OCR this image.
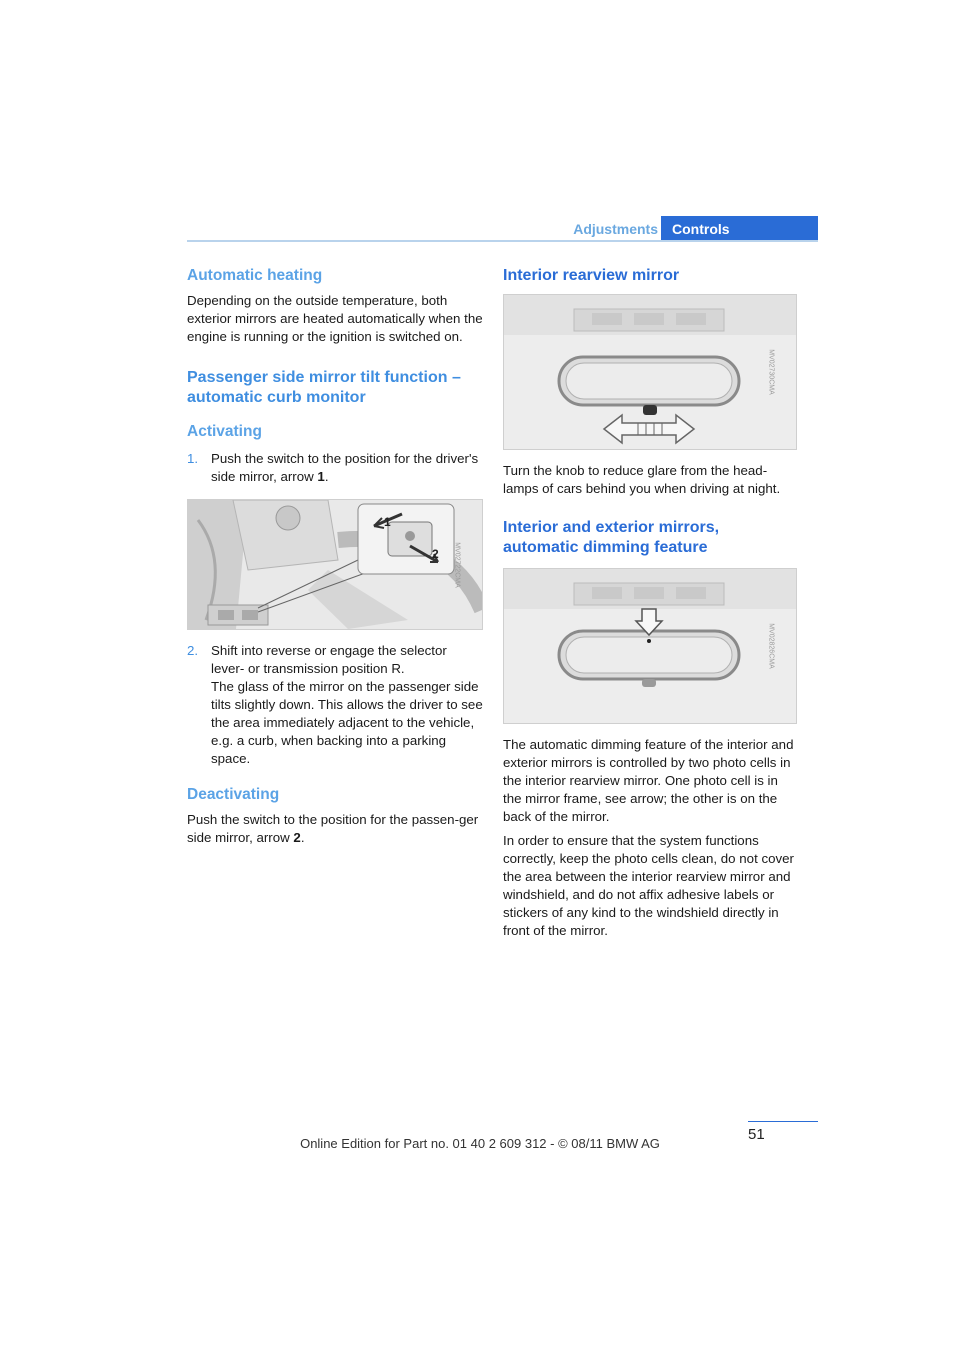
Adjustments	Controls
Automatic heating

Depending on the outside temperature, both exterior mirrors are heated automatically when the engine is running or the ignition is switched on.

Passenger side mirror tilt function – automatic curb monitor
Activating
1. Push the switch to the position for the driver's side mirror, arrow 1.
1
2 MV02722CMA
2. Shift into reverse or engage the selector lever- or transmission position R.
The glass of the mirror on the passenger side tilts slightly down. This allows the driver to see the area immediately adjacent to the vehicle, e.g. a curb, when backing into a parking space.
Deactivating

Push the switch to the position for the passen-ger side mirror, arrow 2.

Interior rearview mirror
MV02730CMA

Turn the knob to reduce glare from the head-lamps of cars behind you when driving at night.

Interior and exterior mirrors, automatic dimming feature
MV02826CMA

The automatic dimming feature of the interior and exterior mirrors is controlled by two photo cells in the interior rearview mirror. One photo cell is in the mirror frame, see arrow; the other is on the back of the mirror.

In order to ensure that the system functions correctly, keep the photo cells clean, do not cover the area between the interior rearview mirror and windshield, and do not affix adhesive labels or stickers of any kind to the windshield directly in front of the mirror.

51
Online Edition for Part no. 01 40 2 609 312 - © 08/11 BMW AG
